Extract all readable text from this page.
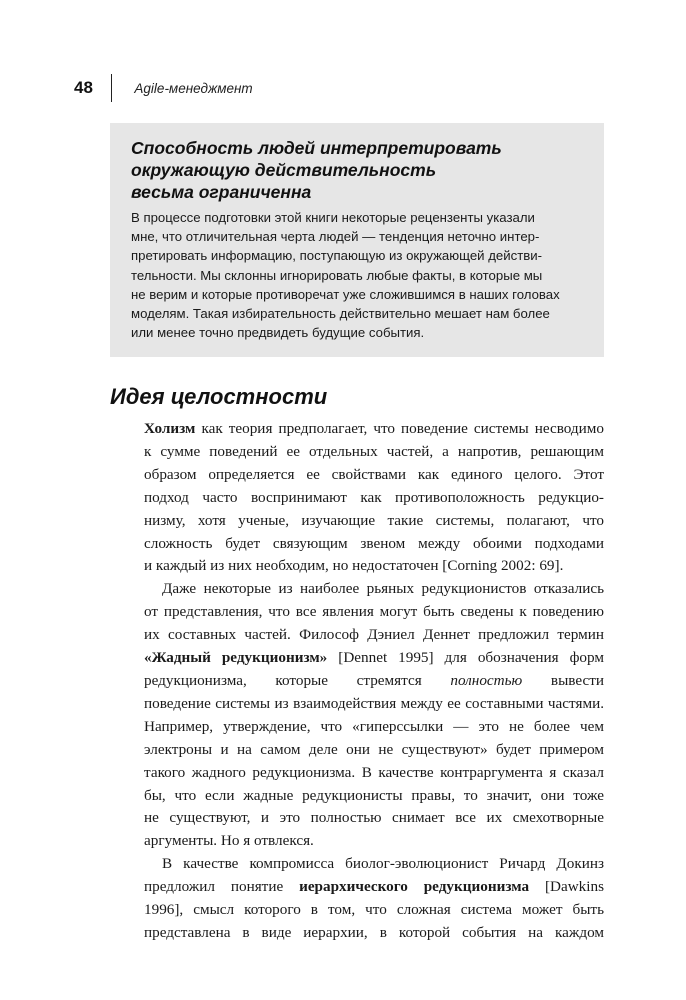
48	Agile-менеджмент
Способность людей интерпретировать
окружающую действительность
весьма ограниченна
В процессе подготовки этой книги некоторые рецензенты указали
мне, что отличительная черта людей — тенденция неточно интер-
претировать информацию, поступающую из окружающей действи-
тельности. Мы склонны игнорировать любые факты, в которые мы
не верим и которые противоречат уже сложившимся в наших головах
моделям. Такая избирательность действительно мешает нам более
или менее точно предвидеть будущие события.
Идея целостности
Холизм как теория предполагает, что поведение системы несводимо
к сумме поведений ее отдельных частей, а напротив, решающим
образом определяется ее свойствами как единого целого. Этот
подход часто воспринимают как противоположность редукцио-
низму, хотя ученые, изучающие такие системы, полагают, что
сложность будет связующим звеном между обоими подходами
и каждый из них необходим, но недостаточен [Corning 2002: 69].
Даже некоторые из наиболее рьяных редукционистов отказались
от представления, что все явления могут быть сведены к поведению
их составных частей. Философ Дэниел Деннет предложил термин
«Жадный редукционизм» [Dennet 1995] для обозначения форм
редукционизма, которые стремятся полностью вывести
поведение системы из взаимодействия между ее составными частями.
Например, утверждение, что «гиперссылки — это не более чем
электроны и на самом деле они не существуют» будет примером
такого жадного редукционизма. В качестве контраргумента я сказал
бы, что если жадные редукционисты правы, то значит, они тоже
не существуют, и это полностью снимает все их смехотворные
аргументы. Но я отвлекся.
В качестве компромисса биолог-эволюционист Ричард Докинз
предложил понятие иерархического редукционизма [Dawkins
1996], смысл которого в том, что сложная система может быть
представлена в виде иерархии, в которой события на каждом
